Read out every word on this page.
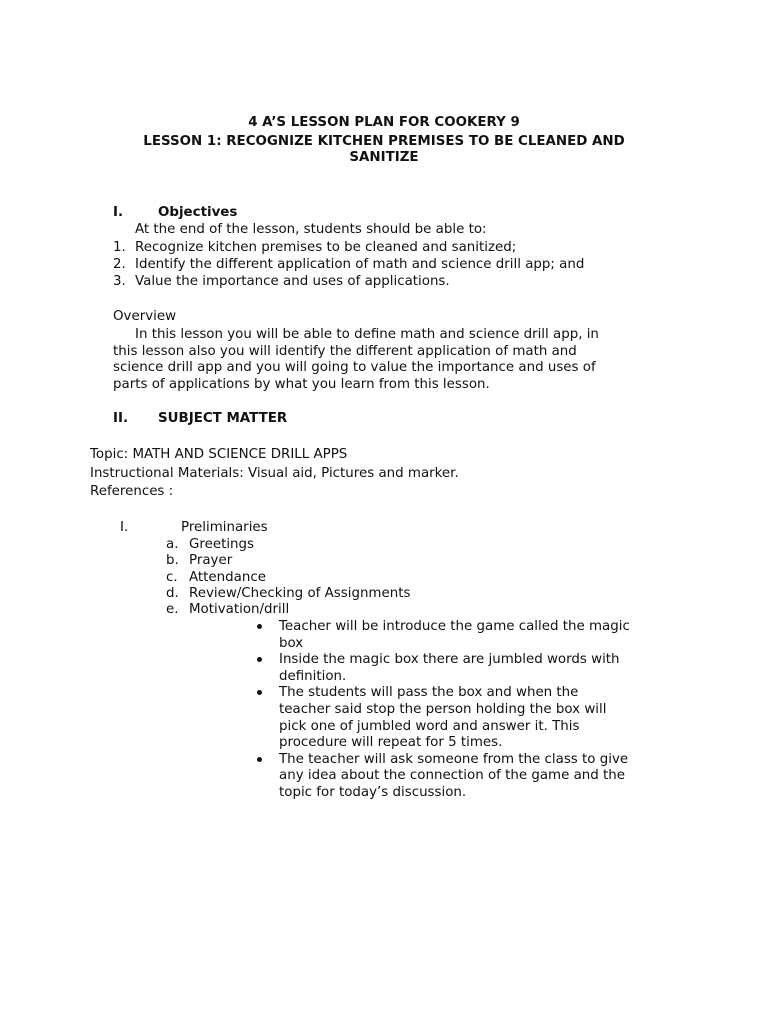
4 A’S LESSON PLAN FOR COOKERY 9
LESSON 1: RECOGNIZE KITCHEN PREMISES TO BE CLEANED AND
SANITIZE
I.	Objectives
At the end of the lesson, students should be able to:
1. Recognize kitchen premises to be cleaned and sanitized;
2. Identify the different application of math and science drill app; and
3. Value the importance and uses of applications.
Overview
In this lesson you will be able to define math and science drill app, in
this lesson also you will identify the different application of math and
science drill app and you will going to value the importance and uses of
parts of applications by what you learn from this lesson.
II. SUBJECT MATTER
Topic: MATH AND SCIENCE DRILL APPS
Instructional Materials: Visual aid, Pictures and marker.
References :
I.	Preliminaries
a. Greetings
b. Prayer
c. Attendance
d. Review/Checking of Assignments
e. Motivation/drill
Teacher will be introduce the game called the magic
box
Inside the magic box there are jumbled words with
definition.
The students will pass the box and when the
teacher said stop the person holding the box will
pick one of jumbled word and answer it. This
procedure will repeat for 5 times.
The teacher will ask someone from the class to give
any idea about the connection of the game and the
topic for today’s discussion.
